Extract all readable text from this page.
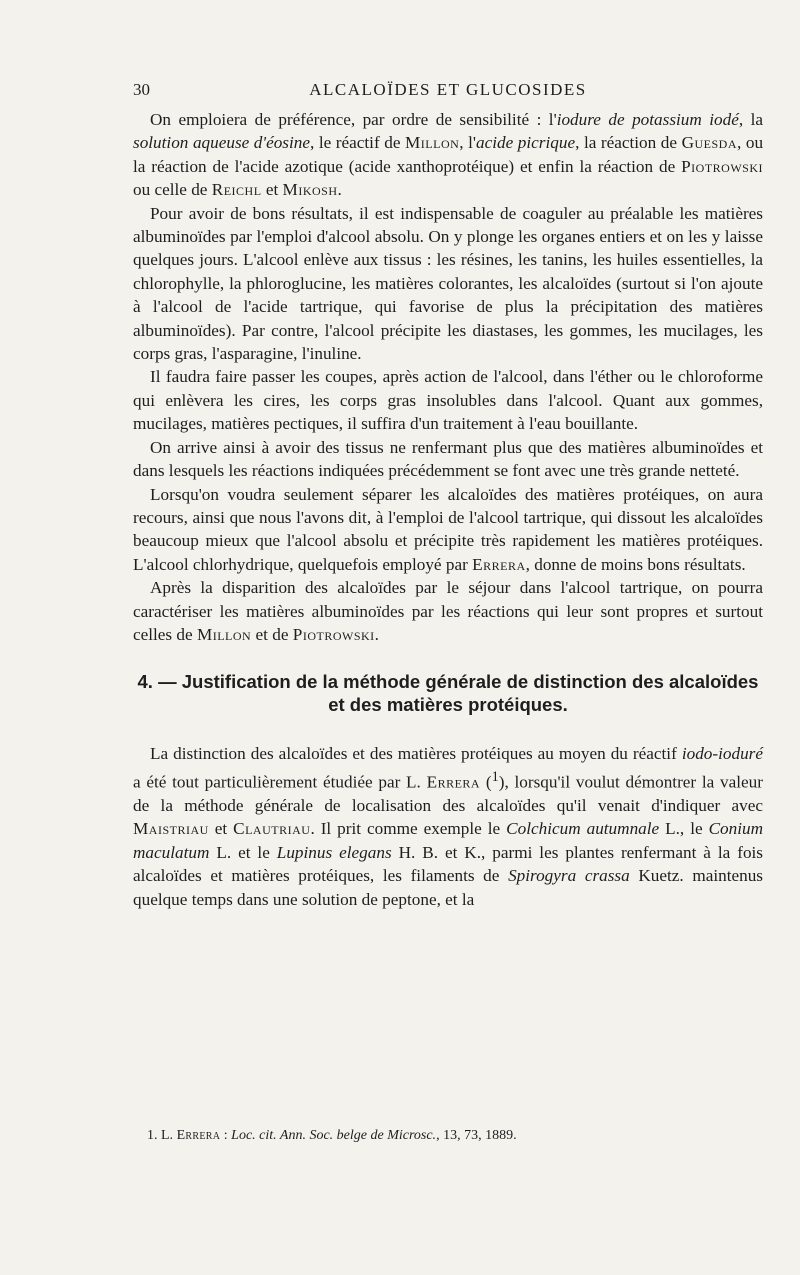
30	ALCALOÏDES ET GLUCOSIDES

On emploiera de préférence, par ordre de sensibilité : l'iodure de potassium iodé, la solution aqueuse d'éosine, le réactif de Millon, l'acide picrique, la réaction de Guesda, ou la réaction de l'acide azotique (acide xanthoprotéique) et enfin la réaction de Piotrowski ou celle de Reichl et Mikosh.

Pour avoir de bons résultats, il est indispensable de coaguler au préalable les matières albuminoïdes par l'emploi d'alcool absolu. On y plonge les organes entiers et on les y laisse quelques jours. L'alcool enlève aux tissus : les résines, les tanins, les huiles essentielles, la chlorophylle, la phloroglucine, les matières colorantes, les alcaloïdes (surtout si l'on ajoute à l'alcool de l'acide tartrique, qui favorise de plus la précipitation des matières albuminoïdes). Par contre, l'alcool précipite les diastases, les gommes, les mucilages, les corps gras, l'asparagine, l'inuline.

Il faudra faire passer les coupes, après action de l'alcool, dans l'éther ou le chloroforme qui enlèvera les cires, les corps gras insolubles dans l'alcool. Quant aux gommes, mucilages, matières pectiques, il suffira d'un traitement à l'eau bouillante.

On arrive ainsi à avoir des tissus ne renfermant plus que des matières albuminoïdes et dans lesquels les réactions indiquées précédemment se font avec une très grande netteté.

Lorsqu'on voudra seulement séparer les alcaloïdes des matières protéiques, on aura recours, ainsi que nous l'avons dit, à l'emploi de l'alcool tartrique, qui dissout les alcaloïdes beaucoup mieux que l'alcool absolu et précipite très rapidement les matières protéiques. L'alcool chlorhydrique, quelquefois employé par Errera, donne de moins bons résultats.

Après la disparition des alcaloïdes par le séjour dans l'alcool tartrique, on pourra caractériser les matières albuminoïdes par les réactions qui leur sont propres et surtout celles de Millon et de Piotrowski.

4. — Justification de la méthode générale de distinction des alcaloïdes
et des matières protéiques.

La distinction des alcaloïdes et des matières protéiques au moyen du réactif iodo-ioduré a été tout particulièrement étudiée par L. Errera ($^1$), lorsqu'il voulut démontrer la valeur de la méthode générale de localisation des alcaloïdes qu'il venait d'indiquer avec Maistriau et Clautriau. Il prit comme exemple le Colchicum autumnale L., le Conium maculatum L. et le Lupinus elegans H. B. et K., parmi les plantes renfermant à la fois alcaloïdes et matières protéiques, les filaments de Spirogyra crassa Kuetz. maintenus quelque temps dans une solution de peptone, et la

1. L. Errera : Loc. cit. Ann. Soc. belge de Microsc., 13, 73, 1889.
